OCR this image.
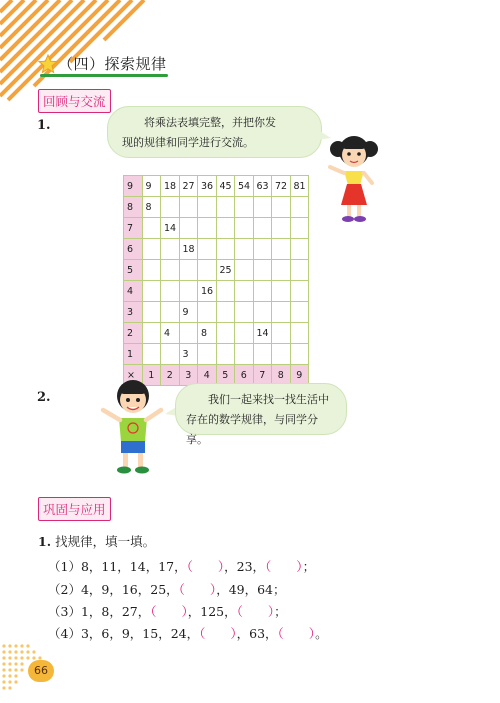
（四）探索规律
回顾与交流
1.	将乘法表填完整，并把你发
现的规律和同学进行交流。
9	9	18	27	36	45	54	63	72	81
8	8								
7		14							
6			18						
5					25				
4				16					
3			9						
2		4		8			14		
1			3						
×	1	2	3	4	5	6	7	8	9
2.	我们一起来找一找生活中
存在的数学规律，与同学分享。
巩固与应用
1. 找规律，填一填。
（1）8，11，14，17，（　　），23，（　　）；
（2）4，9，16，25，（　　），49，64；
（3）1，8，27，（　　），125，（　　）；
（4）3，6，9，15，24，（　　），63，（　　）。
66
